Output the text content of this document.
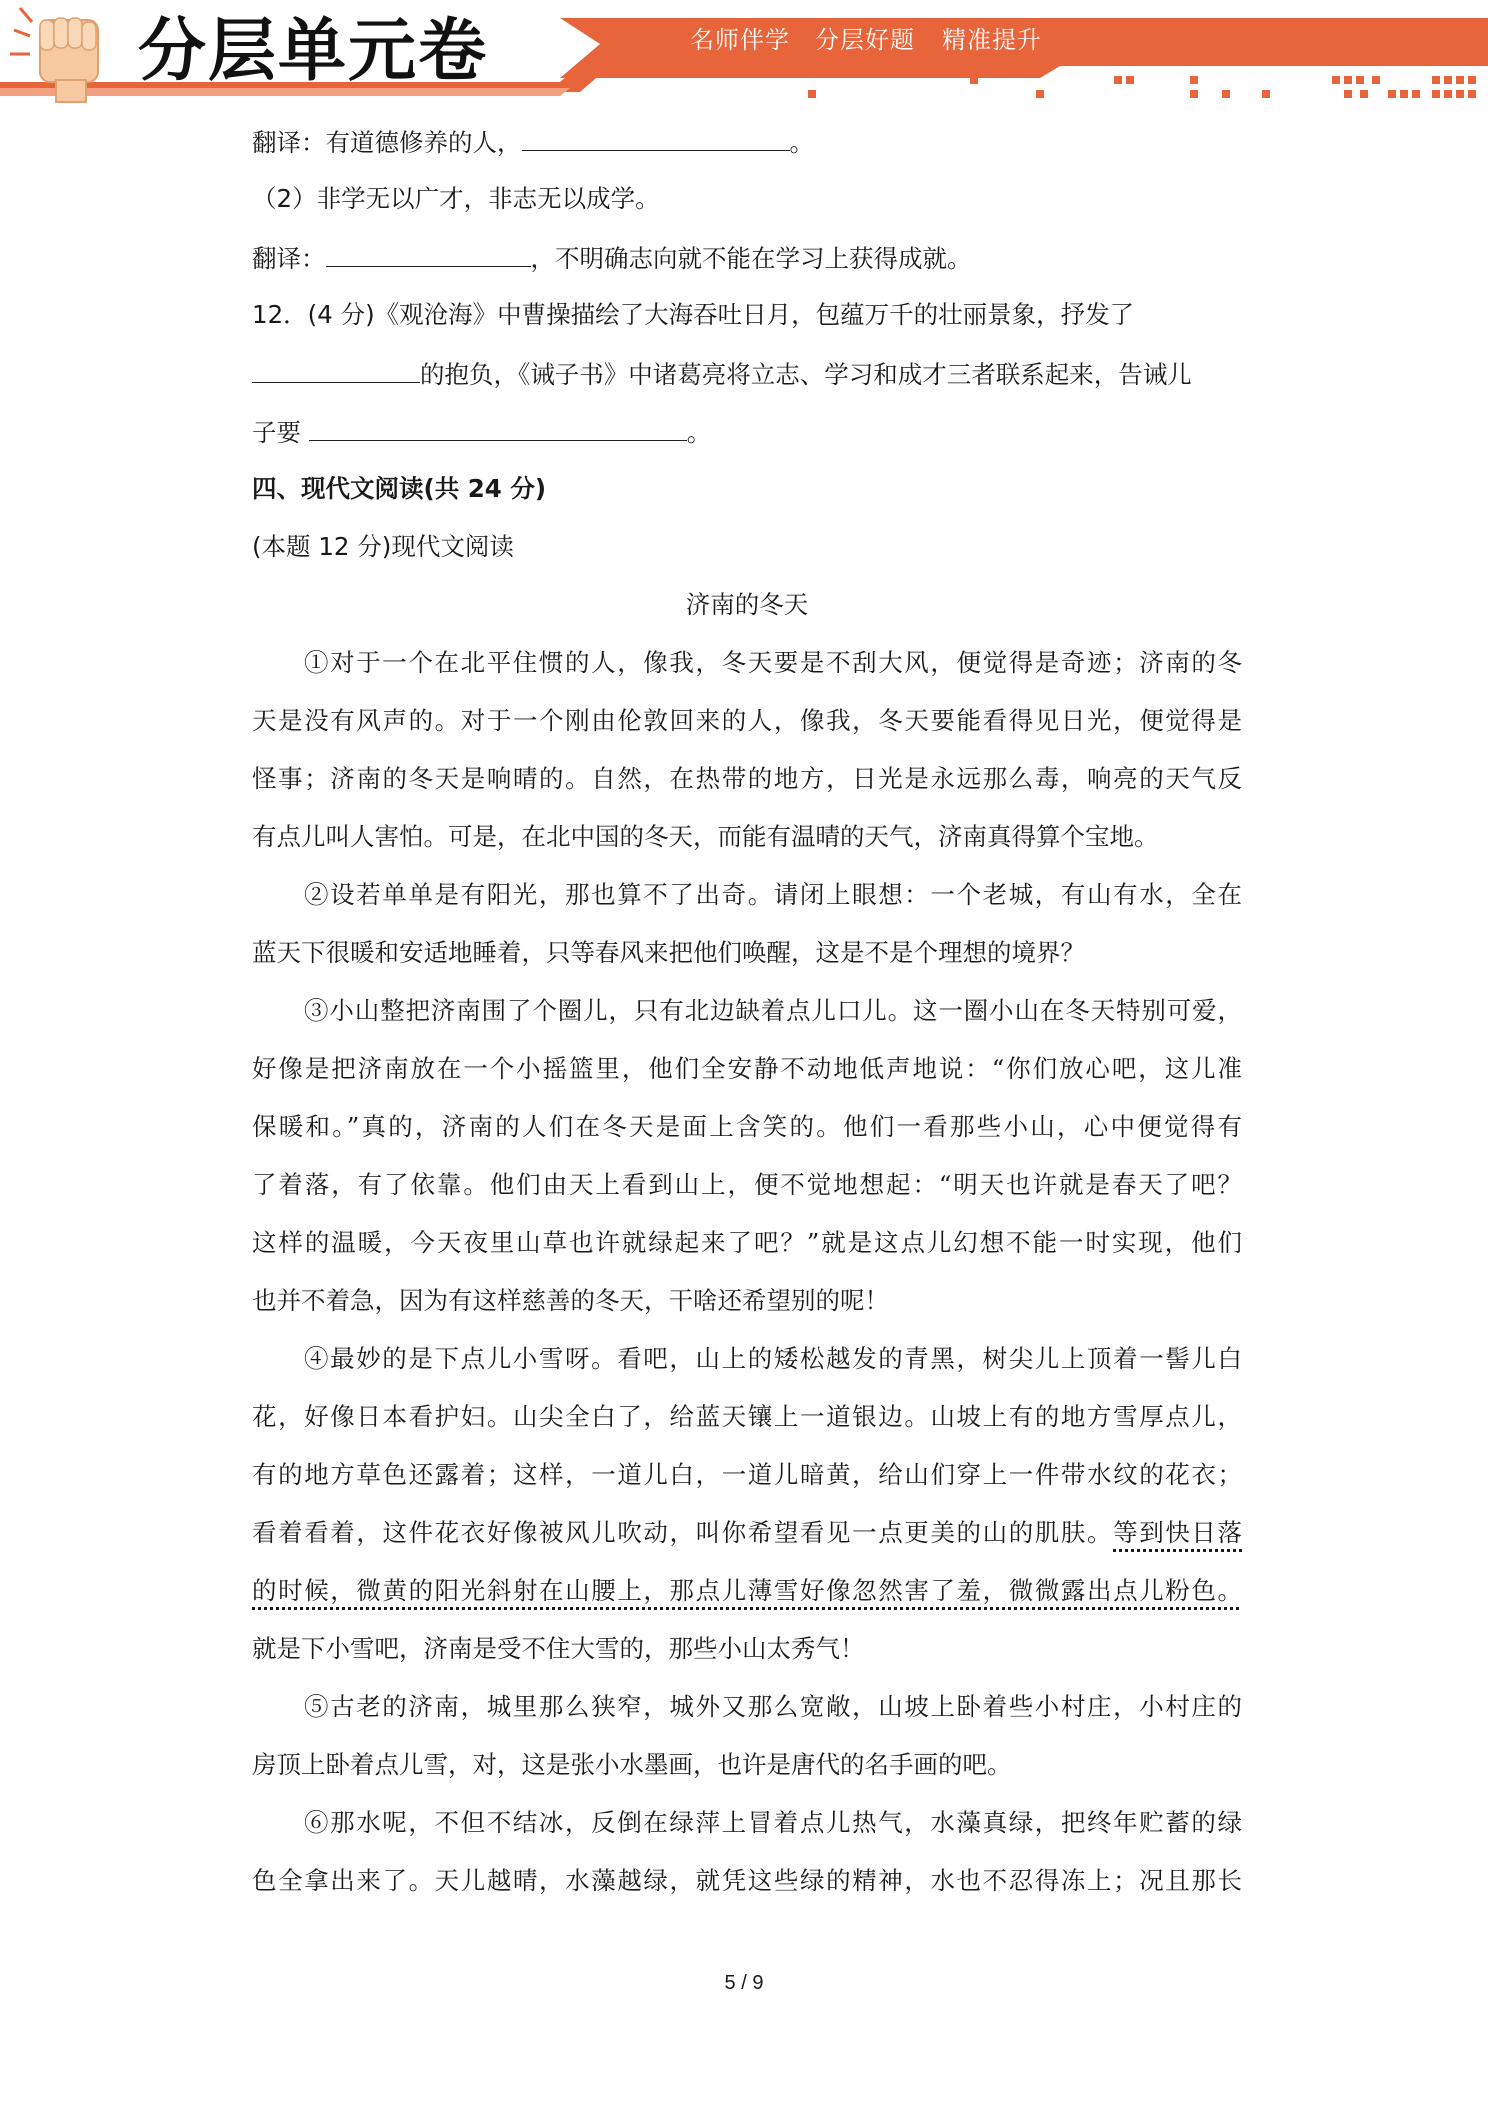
分层单元卷	名师伴学 分层好题 精准提升
翻译：有道德修养的人，	。
（2）非学无以广才，非志无以成学。
翻译：	，不明确志向就不能在学习上获得成就。
12．(4 分)《观沧海》中曹操描绘了大海吞吐日月，包蕴万千的壮丽景象，抒发了
的抱负，《诫子书》中诸葛亮将立志、学习和成才三者联系起来，告诫儿
子要	。
四、现代文阅读(共 24 分)
(本题 12 分)现代文阅读
济南的冬天
①对于一个在北平住惯的人，像我，冬天要是不刮大风，便觉得是奇迹；济南的冬
天是没有风声的。对于一个刚由伦敦回来的人，像我，冬天要能看得见日光，便觉得是
怪事；济南的冬天是响晴的。自然，在热带的地方，日光是永远那么毒，响亮的天气反
有点儿叫人害怕。可是，在北中国的冬天，而能有温晴的天气，济南真得算个宝地。
②设若单单是有阳光，那也算不了出奇。请闭上眼想：一个老城，有山有水，全在
蓝天下很暖和安适地睡着，只等春风来把他们唤醒，这是不是个理想的境界？
③小山整把济南围了个圈儿，只有北边缺着点儿口儿。这一圈小山在冬天特别可爱，
好像是把济南放在一个小摇篮里，他们全安静不动地低声地说：“你们放心吧，这儿准
保暖和。”真的，济南的人们在冬天是面上含笑的。他们一看那些小山，心中便觉得有
了着落，有了依靠。他们由天上看到山上，便不觉地想起：“明天也许就是春天了吧？
这样的温暖，今天夜里山草也许就绿起来了吧？”就是这点儿幻想不能一时实现，他们
也并不着急，因为有这样慈善的冬天，干啥还希望别的呢！
④最妙的是下点儿小雪呀。看吧，山上的矮松越发的青黑，树尖儿上顶着一髻儿白
花，好像日本看护妇。山尖全白了，给蓝天镶上一道银边。山坡上有的地方雪厚点儿，
有的地方草色还露着；这样，一道儿白，一道儿暗黄，给山们穿上一件带水纹的花衣；
看着看着，这件花衣好像被风儿吹动，叫你希望看见一点更美的山的肌肤。等到快日落
的时候，微黄的阳光斜射在山腰上，那点儿薄雪好像忽然害了羞，微微露出点儿粉色。
就是下小雪吧，济南是受不住大雪的，那些小山太秀气！
⑤古老的济南，城里那么狭窄，城外又那么宽敞，山坡上卧着些小村庄，小村庄的
房顶上卧着点儿雪，对，这是张小水墨画，也许是唐代的名手画的吧。
⑥那水呢，不但不结冰，反倒在绿萍上冒着点儿热气，水藻真绿，把终年贮蓄的绿
色全拿出来了。天儿越晴，水藻越绿，就凭这些绿的精神，水也不忍得冻上；况且那长
5 / 9
